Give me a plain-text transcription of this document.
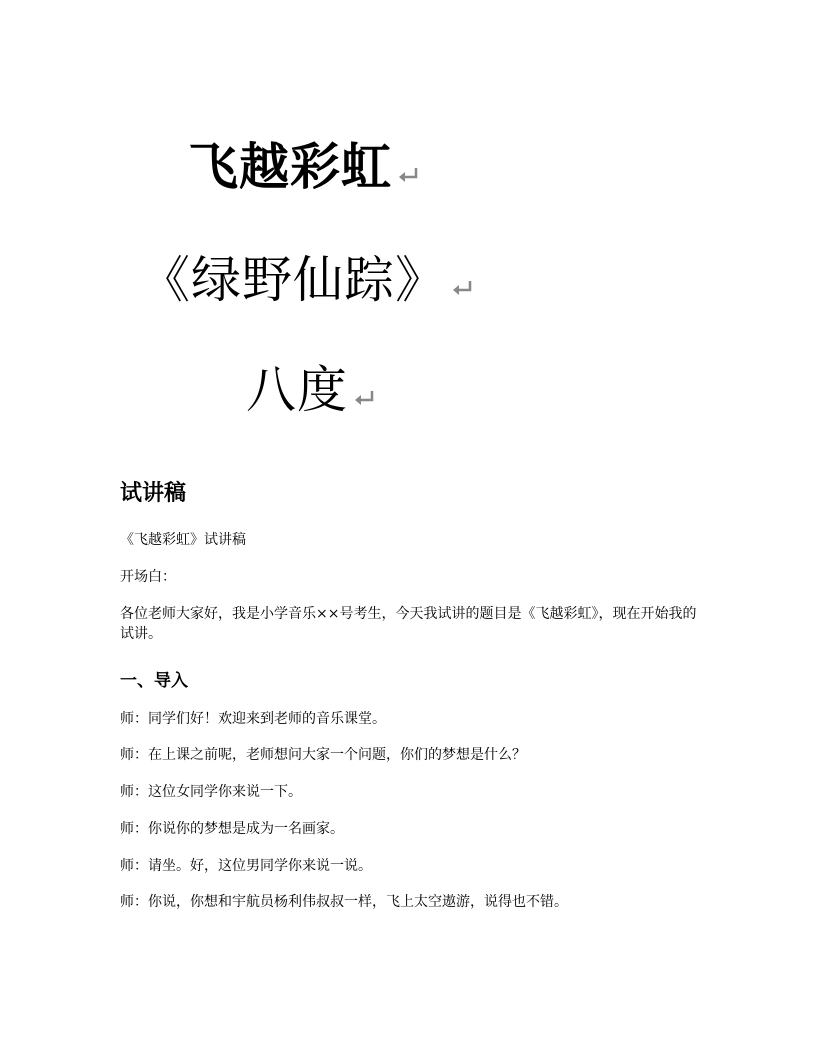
飞越彩虹
《绿野仙踪》
八度
试讲稿
《飞越彩虹》试讲稿
开场白：
各位老师大家好，我是小学音乐××号考生，今天我试讲的题目是《飞越彩虹》，现在开始我的试讲。
一、导入
师：同学们好！欢迎来到老师的音乐课堂。
师：在上课之前呢，老师想问大家一个问题，你们的梦想是什么？
师：这位女同学你来说一下。
师：你说你的梦想是成为一名画家。
师：请坐。好，这位男同学你来说一说。
师：你说，你想和宇航员杨利伟叔叔一样，飞上太空遨游，说得也不错。
